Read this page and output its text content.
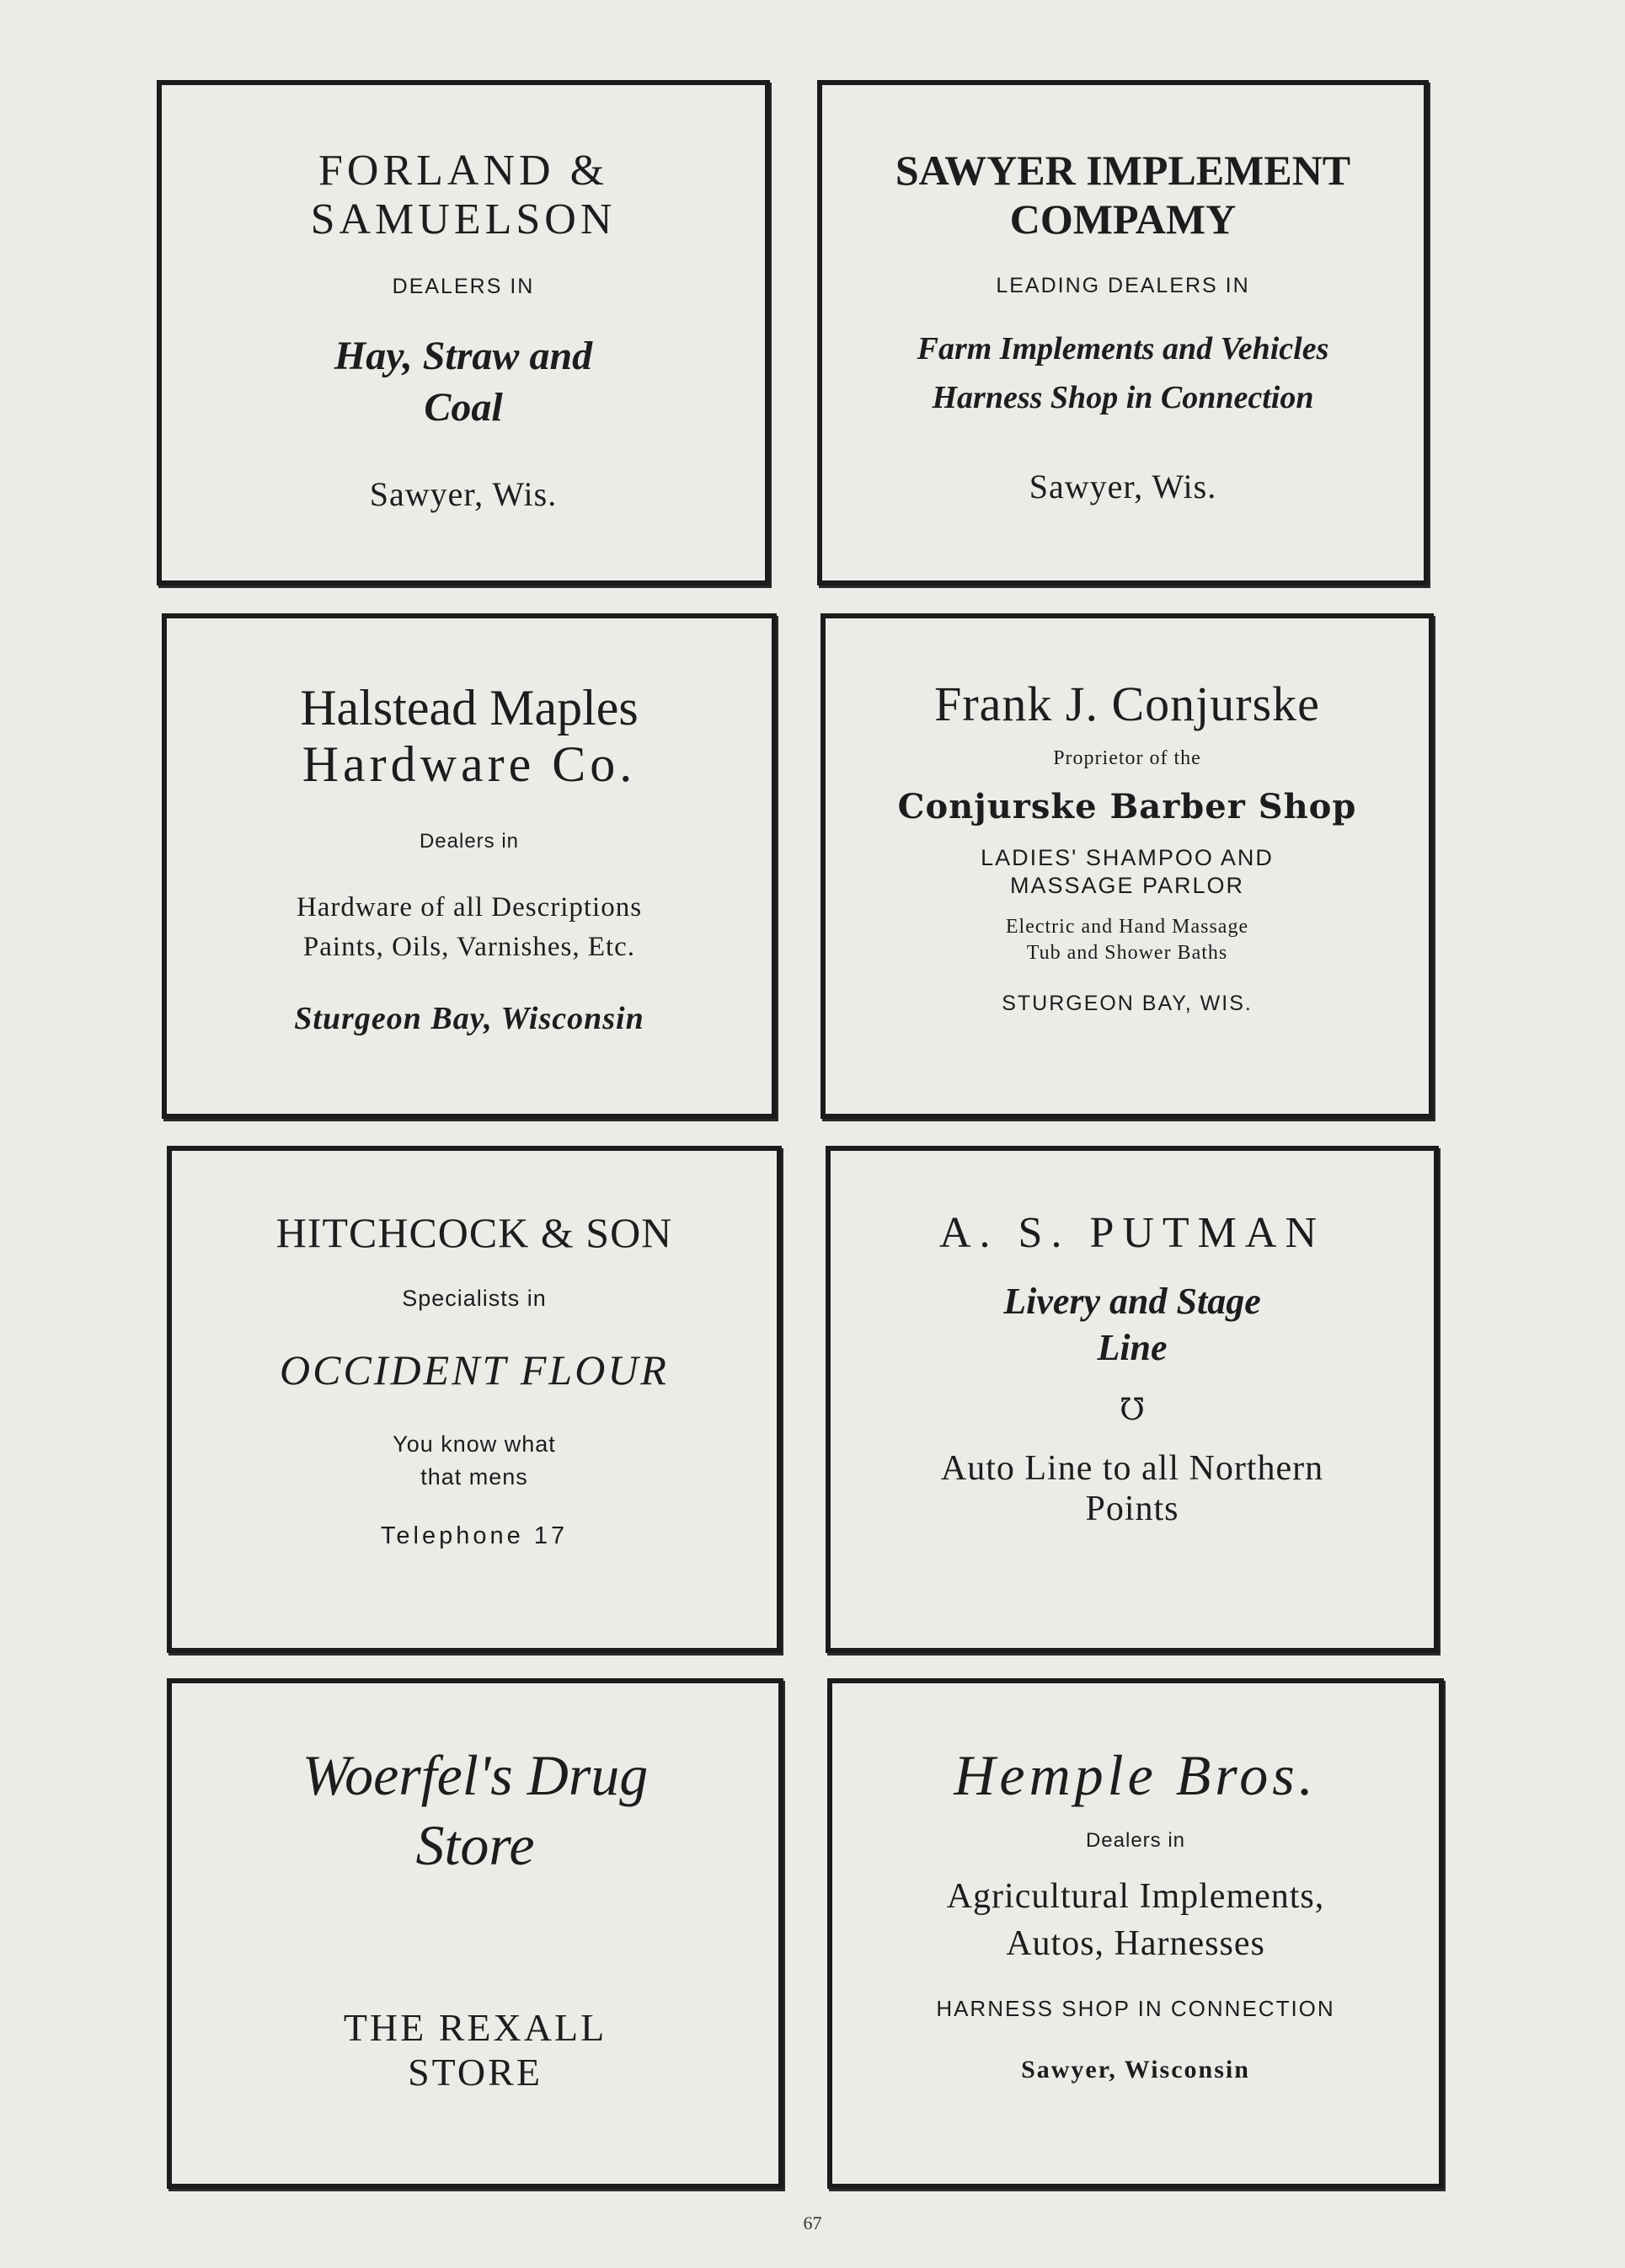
FORLAND &
SAMUELSON
DEALERS IN
Hay, Straw and
Coal
Sawyer, Wis.
SAWYER IMPLEMENT
COMPAMY
LEADING DEALERS IN
Farm Implements and Vehicles
Harness Shop in Connection
Sawyer, Wis.
Halstead Maples
Hardware Co.
Dealers in
Hardware of all Descriptions
Paints, Oils, Varnishes, Etc.
Sturgeon Bay, Wisconsin
Frank J. Conjurske
Proprietor of the
Conjurske Barber Shop
LADIES' SHAMPOO AND
MASSAGE PARLOR
Electric and Hand Massage
Tub and Shower Baths
STURGEON BAY, WIS.
HITCHCOCK & SON
Specialists in
OCCIDENT FLOUR
You know what
that mens
Telephone 17
A. S. PUTMAN
Livery and Stage
Line
℧
Auto Line to all Northern
Points
Woerfel's Drug
Store
THE REXALL
STORE
Hemple Bros.
Dealers in
Agricultural Implements,
Autos, Harnesses
HARNESS SHOP IN CONNECTION
Sawyer, Wisconsin
67
